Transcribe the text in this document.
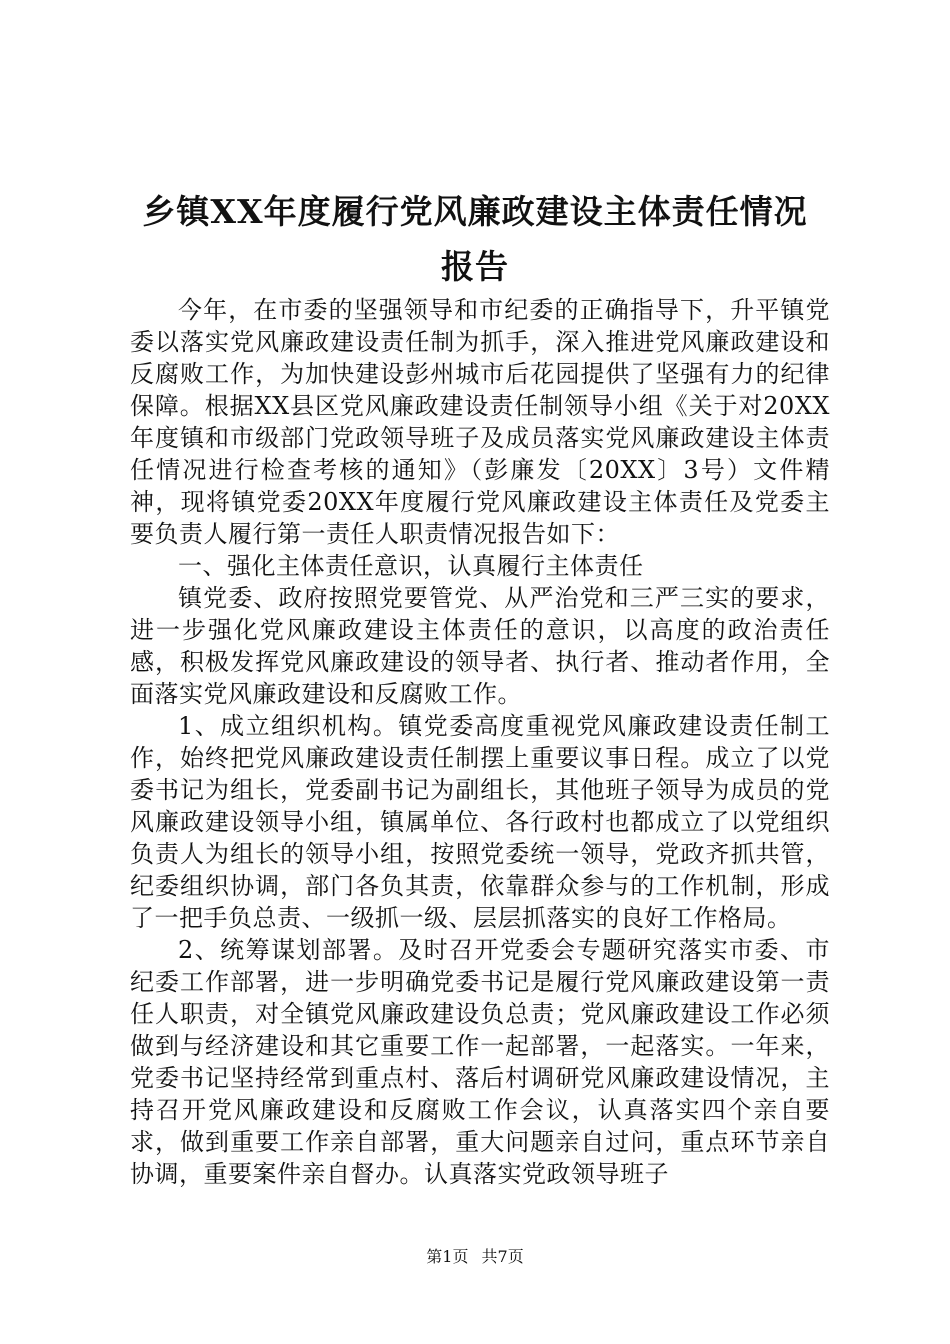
乡镇XX年度履行党风廉政建设主体责任情况
报告

今年，在市委的坚强领导和市纪委的正确指导下，升平镇党委以落实党风廉政建设责任制为抓手，深入推进党风廉政建设和反腐败工作，为加快建设彭州城市后花园提供了坚强有力的纪律保障。根据XX县区党风廉政建设责任制领导小组《关于对20XX年度镇和市级部门党政领导班子及成员落实党风廉政建设主体责任情况进行检查考核的通知》（彭廉发〔20XX〕3号）文件精神，现将镇党委20XX年度履行党风廉政建设主体责任及党委主要负责人履行第一责任人职责情况报告如下：

一、强化主体责任意识，认真履行主体责任

镇党委、政府按照党要管党、从严治党和三严三实的要求，进一步强化党风廉政建设主体责任的意识，以高度的政治责任感，积极发挥党风廉政建设的领导者、执行者、推动者作用，全面落实党风廉政建设和反腐败工作。

1、成立组织机构。镇党委高度重视党风廉政建设责任制工作，始终把党风廉政建设责任制摆上重要议事日程。成立了以党委书记为组长，党委副书记为副组长，其他班子领导为成员的党风廉政建设领导小组，镇属单位、各行政村也都成立了以党组织负责人为组长的领导小组，按照党委统一领导，党政齐抓共管，纪委组织协调，部门各负其责，依靠群众参与的工作机制，形成了一把手负总责、一级抓一级、层层抓落实的良好工作格局。

2、统筹谋划部署。及时召开党委会专题研究落实市委、市纪委工作部署，进一步明确党委书记是履行党风廉政建设第一责任人职责，对全镇党风廉政建设负总责；党风廉政建设工作必须做到与经济建设和其它重要工作一起部署，一起落实。一年来，党委书记坚持经常到重点村、落后村调研党风廉政建设情况，主持召开党风廉政建设和反腐败工作会议，认真落实四个亲自要求，做到重要工作亲自部署，重大问题亲自过问，重点环节亲自协调，重要案件亲自督办。认真落实党政领导班子

第1页 共7页
